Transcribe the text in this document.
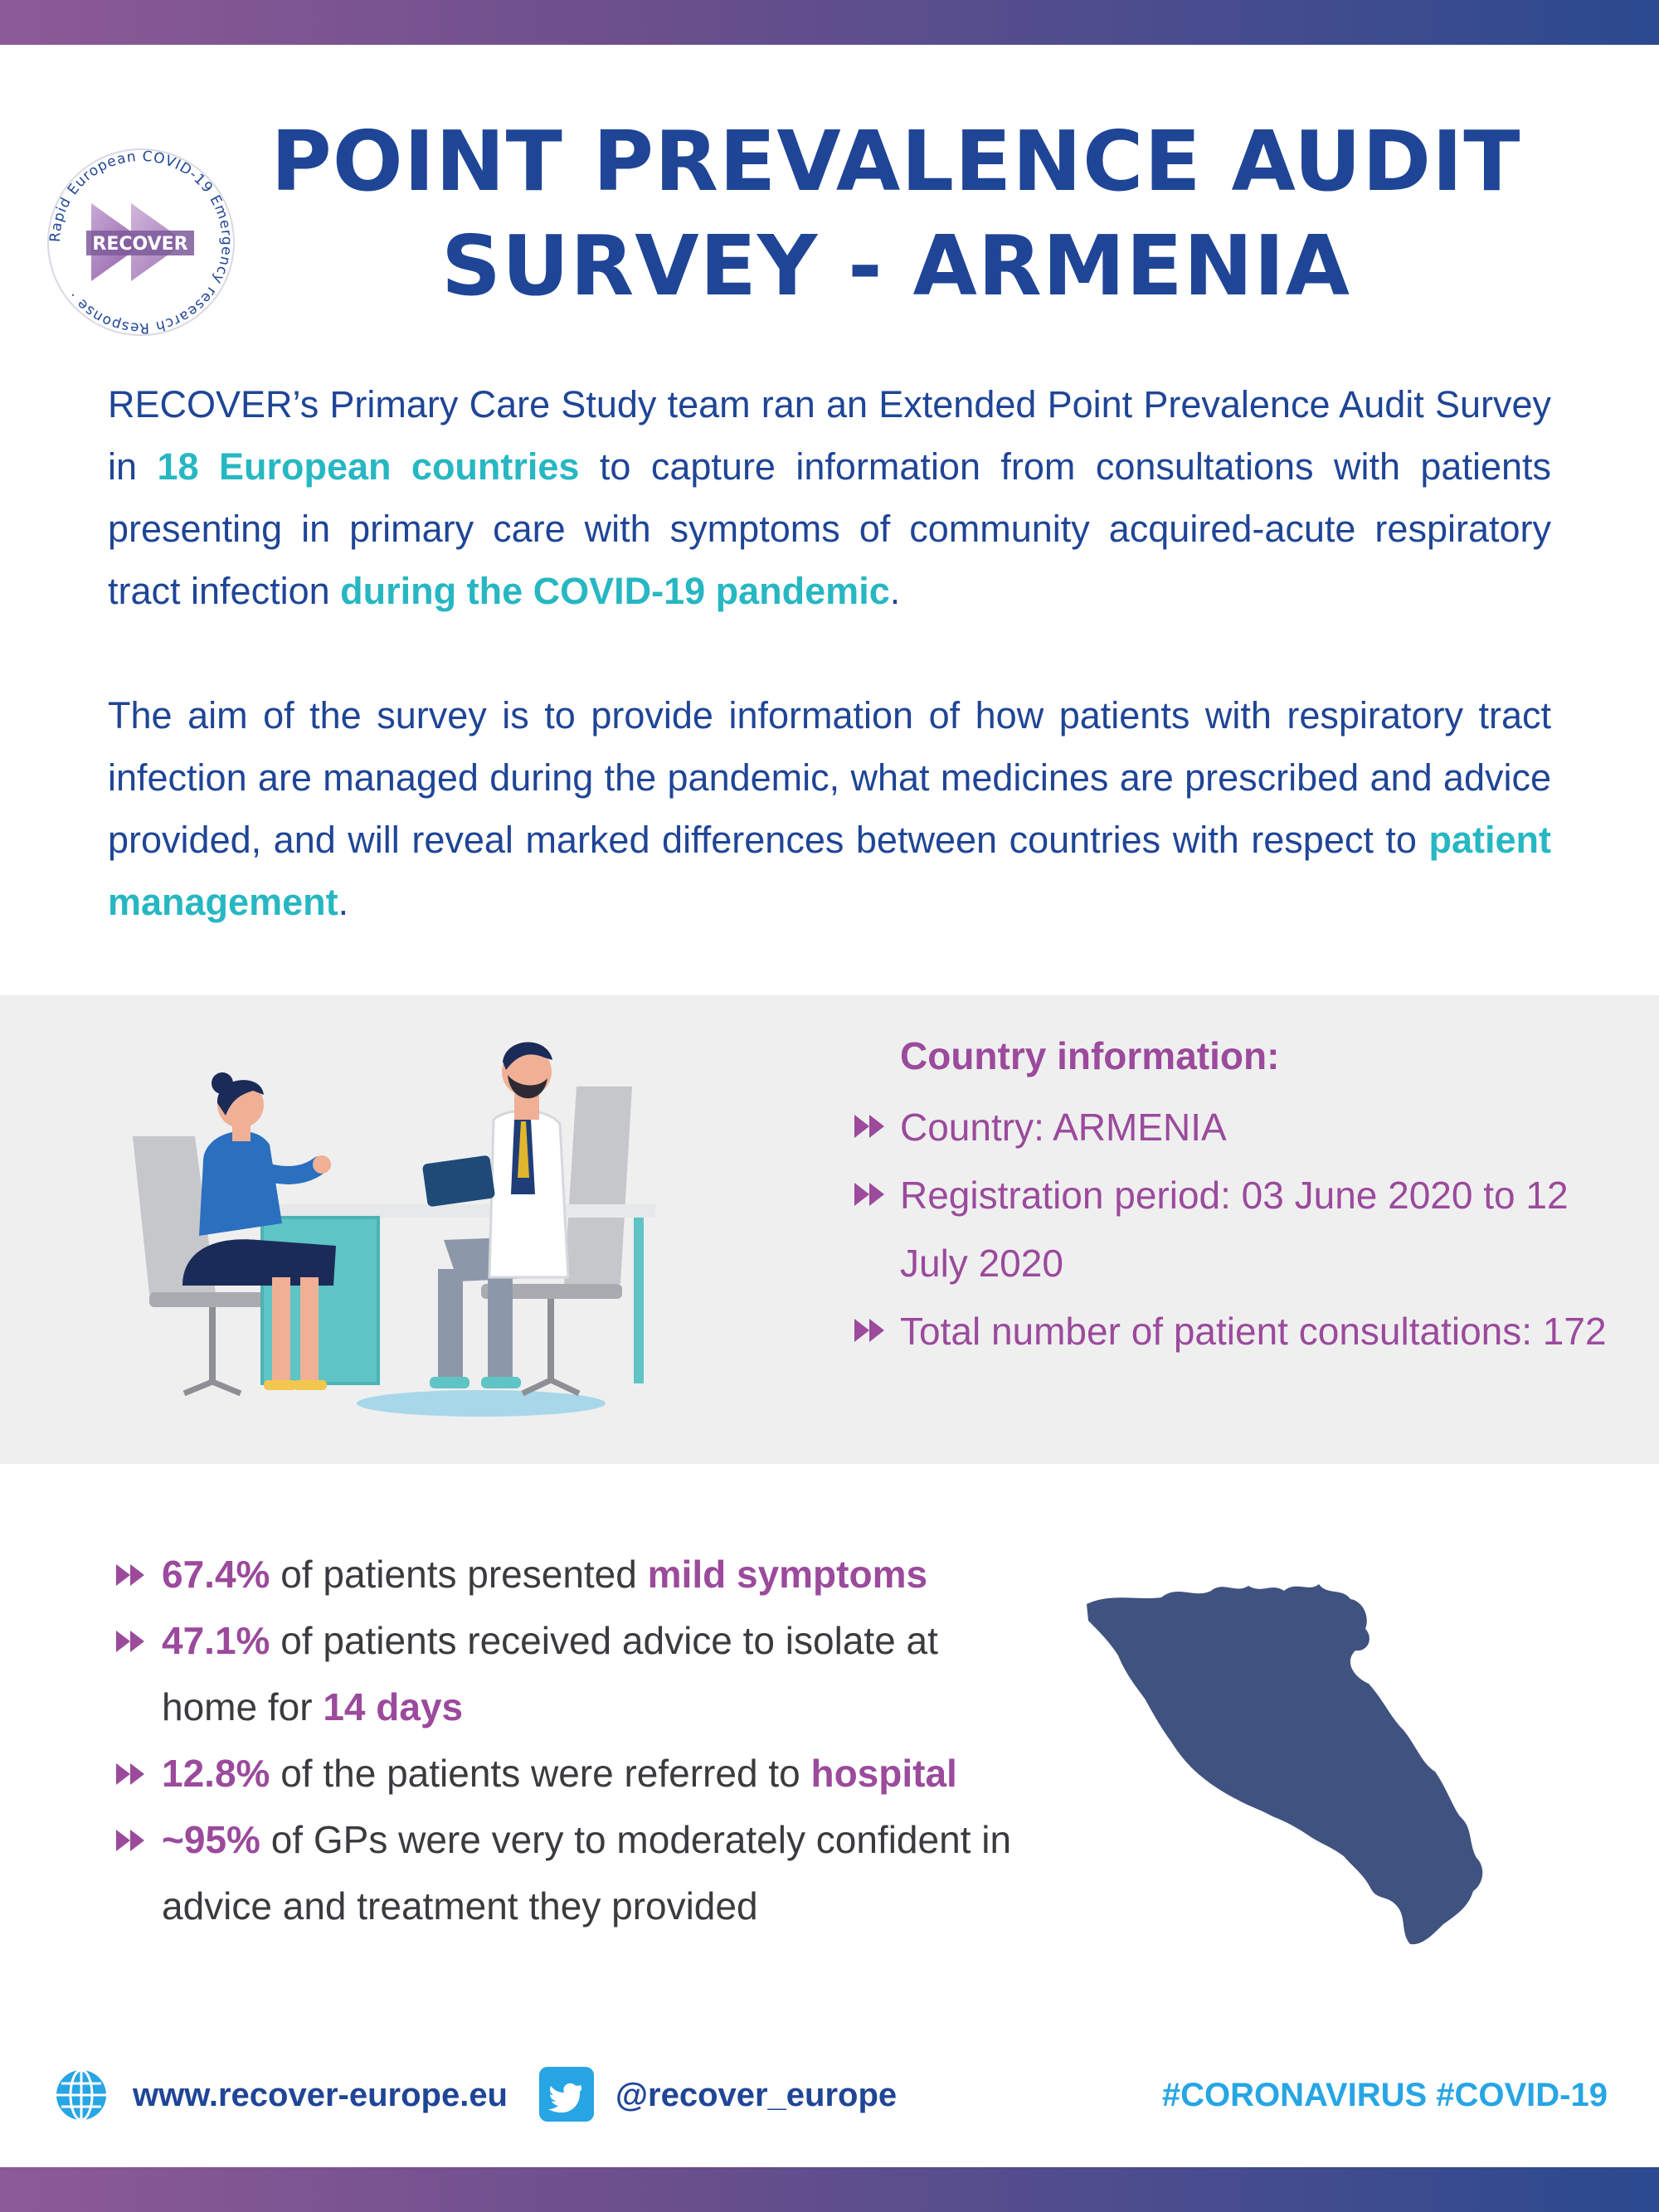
Rapid European COVID-19 Emergency research Response ·
RECOVER
POINT PREVALENCE AUDIT
SURVEY - ARMENIA

RECOVER’s Primary Care Study team ran an Extended Point Prevalence Audit Survey in 18 European countries to capture information from consultations with patients presenting in primary care with symptoms of community acquired-acute respiratory tract infection during the COVID-19 pandemic.

The aim of the survey is to provide information of how patients with respiratory tract infection are managed during the pandemic, what medicines are prescribed and advice provided, and will reveal marked differences between countries with respect to patient management.

Country information:

Country: ARMENIA

Registration period: 03 June 2020 to 12 July 2020

Total number of patient consultations: 172

67.4% of patients presented mild symptoms

47.1% of patients received advice to isolate at home for 14 days

12.8% of the patients were referred to hospital

~95% of GPs were very to moderately confident in advice and treatment they provided

www.recover-europe.eu	@recover_europe	#CORONAVIRUS #COVID-19
